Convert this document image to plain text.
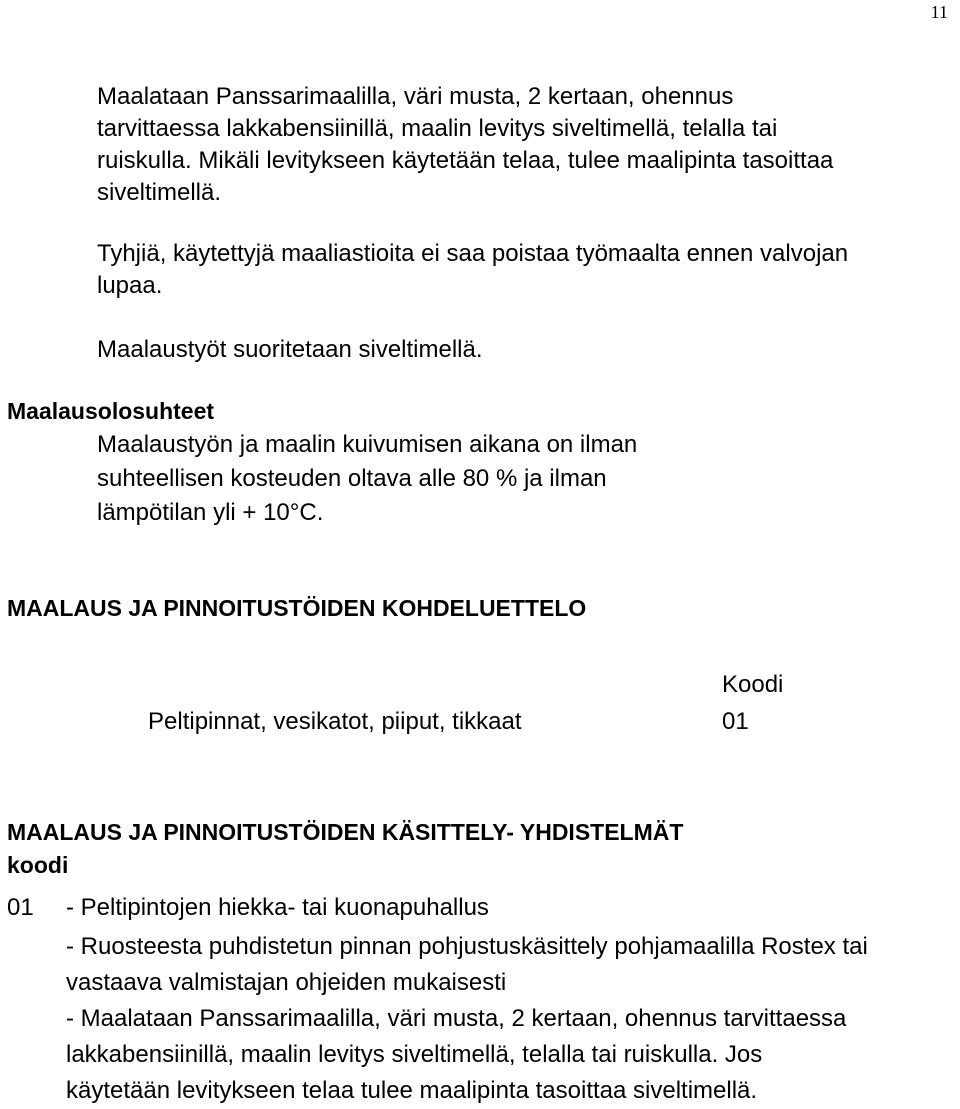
11
Maalataan Panssarimaalilla, väri musta, 2 kertaan, ohennus
tarvittaessa lakkabensiinillä, maalin levitys siveltimellä, telalla tai
ruiskulla. Mikäli levitykseen käytetään telaa, tulee maalipinta tasoittaa
siveltimellä.
Tyhjiä, käytettyjä maaliastioita ei saa poistaa työmaalta ennen valvojan
lupaa.
Maalaustyöt suoritetaan siveltimellä.
Maalausolosuhteet
Maalaustyön ja maalin kuivumisen aikana on ilman
suhteellisen kosteuden oltava alle 80 % ja ilman
lämpötilan yli + 10°C.
MAALAUS JA PINNOITUSTÖIDEN KOHDELUETTELO
Koodi
Peltipinnat, vesikatot, piiput, tikkaat	01
MAALAUS JA PINNOITUSTÖIDEN KÄSITTELY- YHDISTELMÄT
koodi
01 - Peltipintojen hiekka- tai kuonapuhallus
- Ruosteesta puhdistetun pinnan pohjustuskäsittely pohjamaalilla Rostex tai
vastaava valmistajan ohjeiden mukaisesti
- Maalataan Panssarimaalilla, väri musta, 2 kertaan, ohennus tarvittaessa
lakkabensiinillä, maalin levitys siveltimellä, telalla tai ruiskulla. Jos
käytetään levitykseen telaa tulee maalipinta tasoittaa siveltimellä.
